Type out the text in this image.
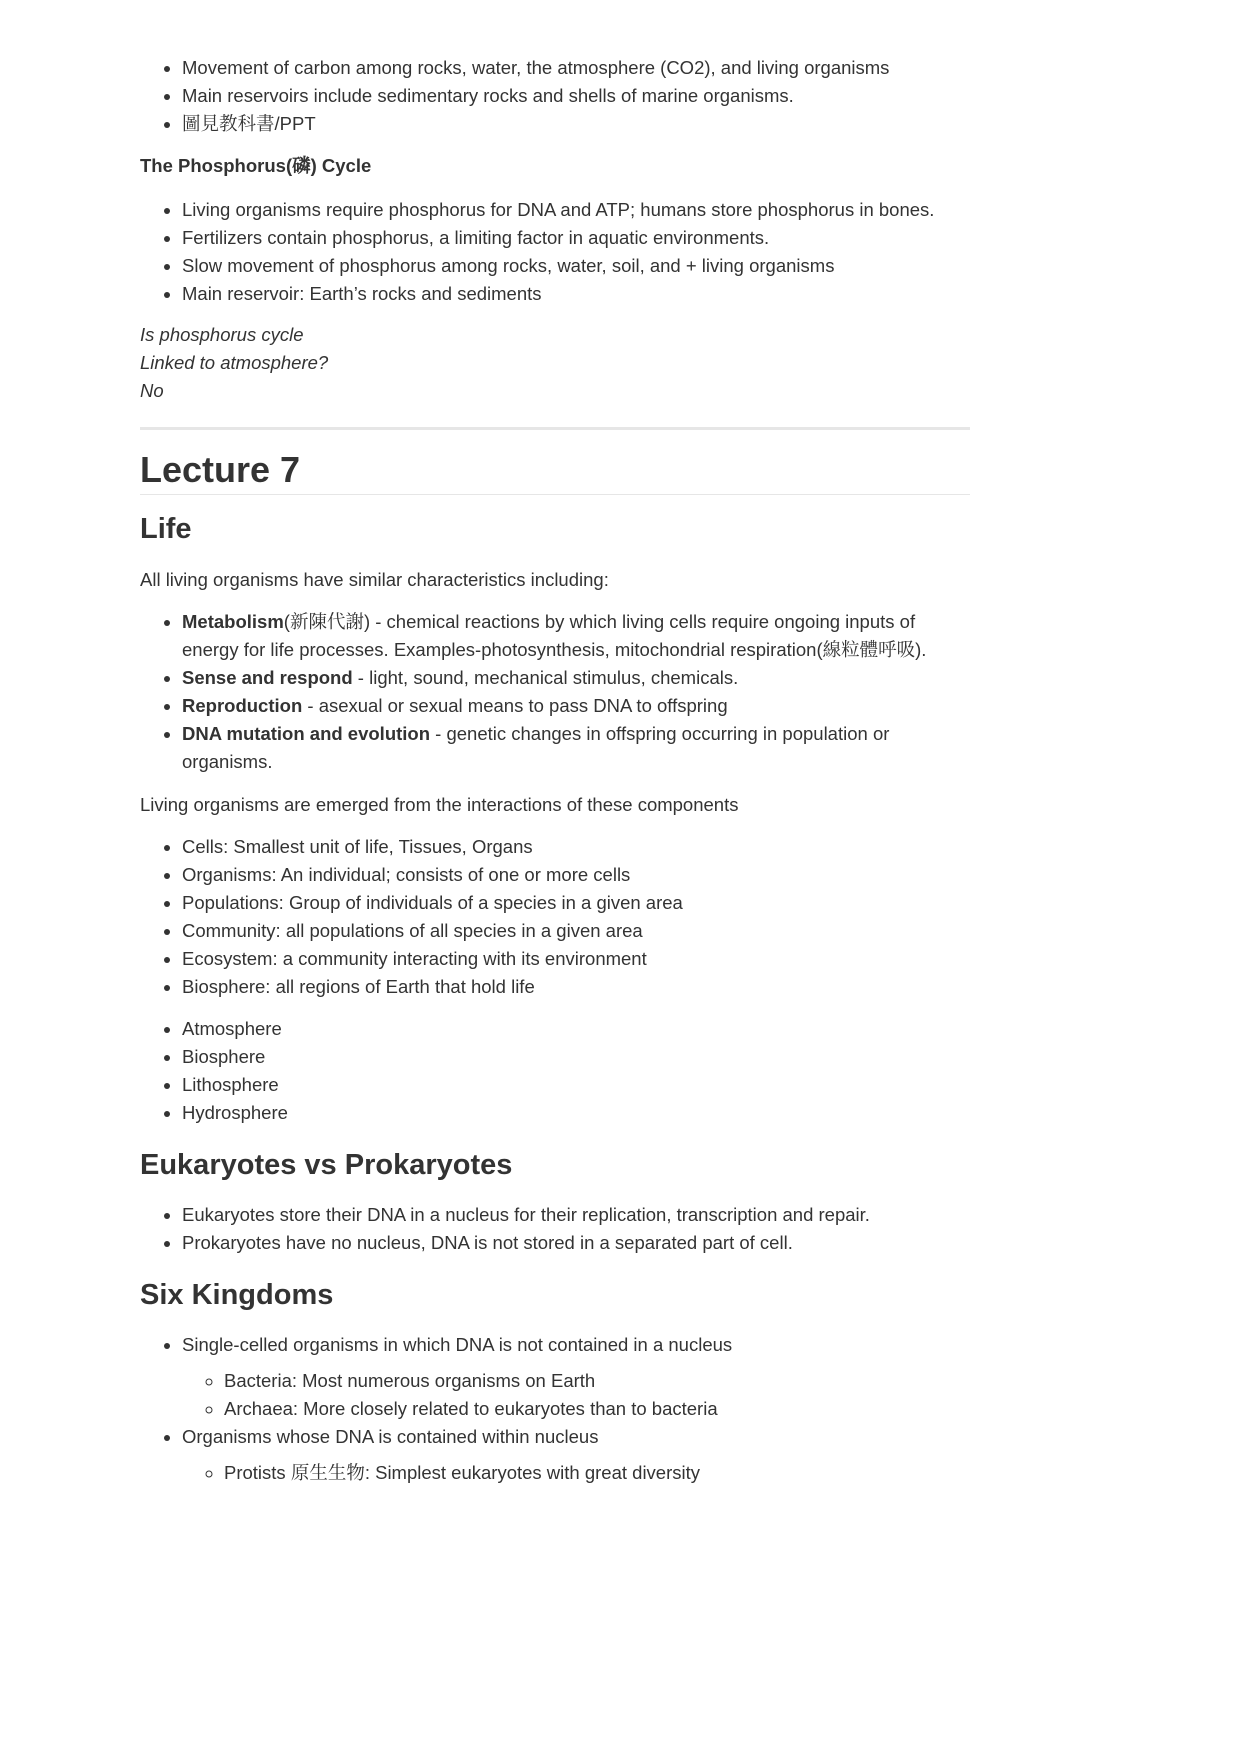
• Movement of carbon among rocks, water, the atmosphere (CO2), and living organisms
• Main reservoirs include sedimentary rocks and shells of marine organisms.
• 圖見教科書/PPT
The Phosphorus(磷) Cycle
• Living organisms require phosphorus for DNA and ATP; humans store phosphorus in bones.
• Fertilizers contain phosphorus, a limiting factor in aquatic environments.
• Slow movement of phosphorus among rocks, water, soil, and + living organisms
• Main reservoir: Earth’s rocks and sediments

Is phosphorus cycle

Linked to atmosphere?

No

Lecture 7
Life

All living organisms have similar characteristics including:

• Metabolism(新陳代謝) - chemical reactions by which living cells require ongoing inputs of energy for life processes. Examples-photosynthesis, mitochondrial respiration(線粒體呼吸).
• Sense and respond - light, sound, mechanical stimulus, chemicals.
• Reproduction - asexual or sexual means to pass DNA to offspring
• DNA mutation and evolution - genetic changes in offspring occurring in population or organisms.

Living organisms are emerged from the interactions of these components

• Cells: Smallest unit of life, Tissues, Organs
• Organisms: An individual; consists of one or more cells
• Populations: Group of individuals of a species in a given area
• Community: all populations of all species in a given area
• Ecosystem: a community interacting with its environment
• Biosphere: all regions of Earth that hold life
• Atmosphere
• Biosphere
• Lithosphere
• Hydrosphere
Eukaryotes vs Prokaryotes
• Eukaryotes store their DNA in a nucleus for their replication, transcription and repair.
• Prokaryotes have no nucleus, DNA is not stored in a separated part of cell.
Six Kingdoms
• Single-celled organisms in which DNA is not contained in a nucleus
◦ Bacteria: Most numerous organisms on Earth
◦ Archaea: More closely related to eukaryotes than to bacteria
• Organisms whose DNA is contained within nucleus
◦ Protists 原生生物: Simplest eukaryotes with great diversity
